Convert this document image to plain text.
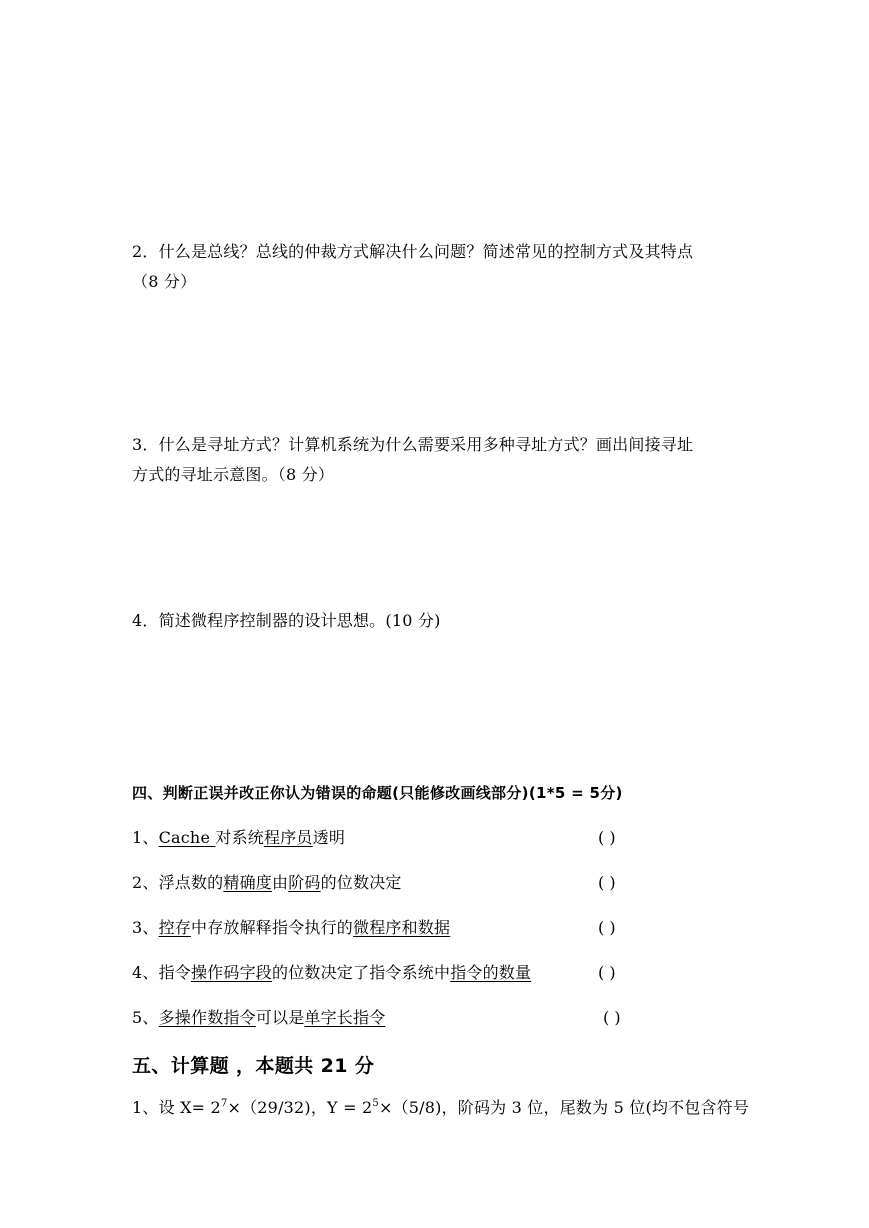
2．什么是总线？总线的仲裁方式解决什么问题？简述常见的控制方式及其特点
（8 分）
3．什么是寻址方式？计算机系统为什么需要采用多种寻址方式？画出间接寻址
方式的寻址示意图。（8 分）
4．简述微程序控制器的设计思想。(10 分)
四、判断正误并改正你认为错误的命题(只能修改画线部分)(1*5 = 5分)
1、Cache 对系统程序员透明	( )
2、浮点数的精确度由阶码的位数决定	( )
3、控存中存放解释指令执行的微程序和数据	( )
4、指令操作码字段的位数决定了指令系统中指令的数量	( )
5、多操作数指令可以是单字长指令	( )
五、计算题 ，本题共 21 分
1、设 $X= 2^7\times(29/32)$，$Y = 2^5\times(5/8)$，阶码为 3 位，尾数为 5 位(均不包含符号
